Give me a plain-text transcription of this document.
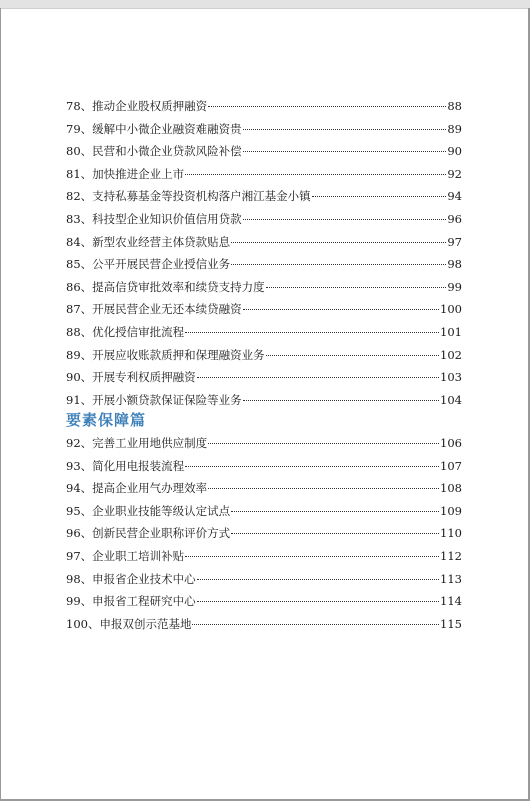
78、推动企业股权质押融资	88
79、缓解中小微企业融资难融资贵	89
80、民营和小微企业贷款风险补偿	90
81、加快推进企业上市	92
82、支持私募基金等投资机构落户湘江基金小镇	94
83、科技型企业知识价值信用贷款	96
84、新型农业经营主体贷款贴息	97
85、公平开展民营企业授信业务	98
86、提高信贷审批效率和续贷支持力度	99
87、开展民营企业无还本续贷融资	100
88、优化授信审批流程	101
89、开展应收账款质押和保理融资业务	102
90、开展专利权质押融资	103
91、开展小额贷款保证保险等业务	104
要素保障篇
92、完善工业用地供应制度	106
93、简化用电报装流程	107
94、提高企业用气办理效率	108
95、企业职业技能等级认定试点	109
96、创新民营企业职称评价方式	110
97、企业职工培训补贴	112
98、申报省企业技术中心	113
99、申报省工程研究中心	114
100、申报双创示范基地	115
